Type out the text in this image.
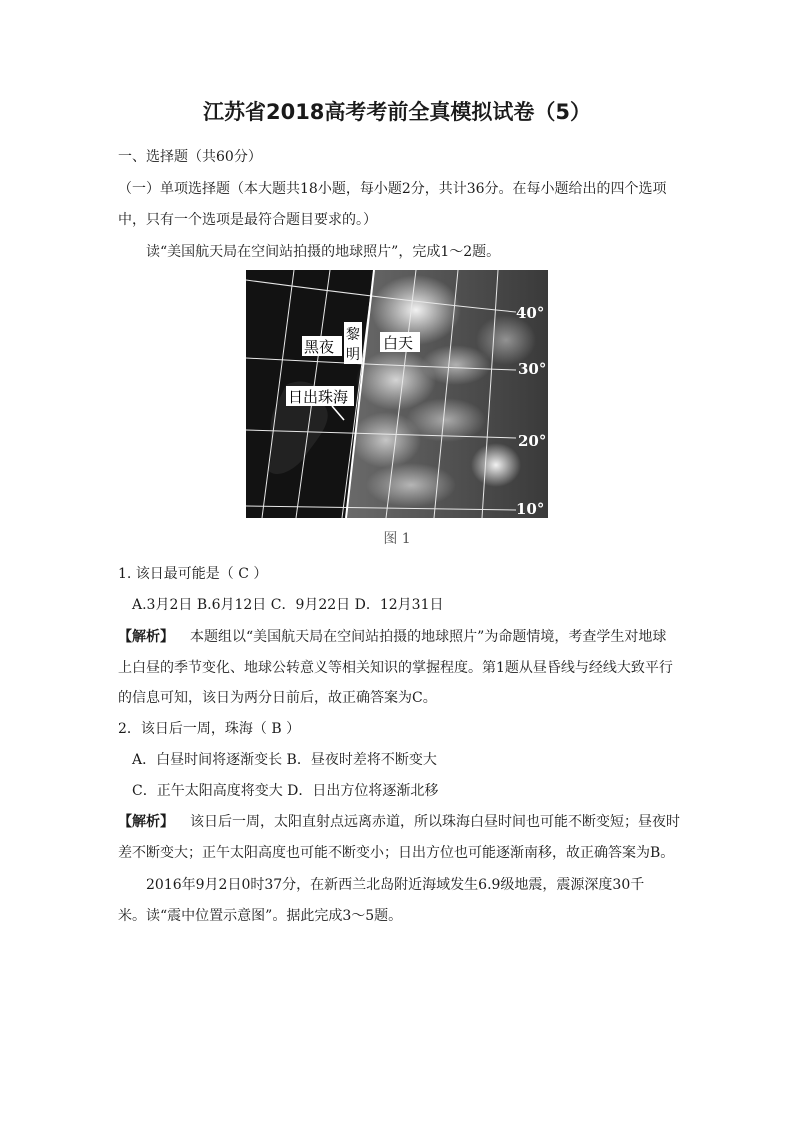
江苏省2018高考考前全真模拟试卷（5）
一、选择题（共60分）
（一）单项选择题（本大题共18小题，每小题2分，共计36分。在每小题给出的四个选项
中，只有一个选项是最符合题目要求的。）
读“美国航天局在空间站拍摄的地球照片”，完成1～2题。
黑夜
黎
明
白天
日出珠海
40°
30°
20°
10°
图 1
1. 该日最可能是（ C ）
A.3月2日 B.6月12日 C．9月22日 D．12月31日
【解析】 本题组以“美国航天局在空间站拍摄的地球照片”为命题情境，考查学生对地球
上白昼的季节变化、地球公转意义等相关知识的掌握程度。第1题从昼昏线与经线大致平行
的信息可知，该日为两分日前后，故正确答案为C。
2．该日后一周，珠海（ B ）
A．白昼时间将逐渐变长 B．昼夜时差将不断变大
C．正午太阳高度将变大 D．日出方位将逐渐北移
【解析】 该日后一周，太阳直射点远离赤道，所以珠海白昼时间也可能不断变短；昼夜时
差不断变大；正午太阳高度也可能不断变小；日出方位也可能逐渐南移，故正确答案为B。
2016年9月2日0时37分，在新西兰北岛附近海域发生6.9级地震，震源深度30千
米。读“震中位置示意图”。据此完成3～5题。
